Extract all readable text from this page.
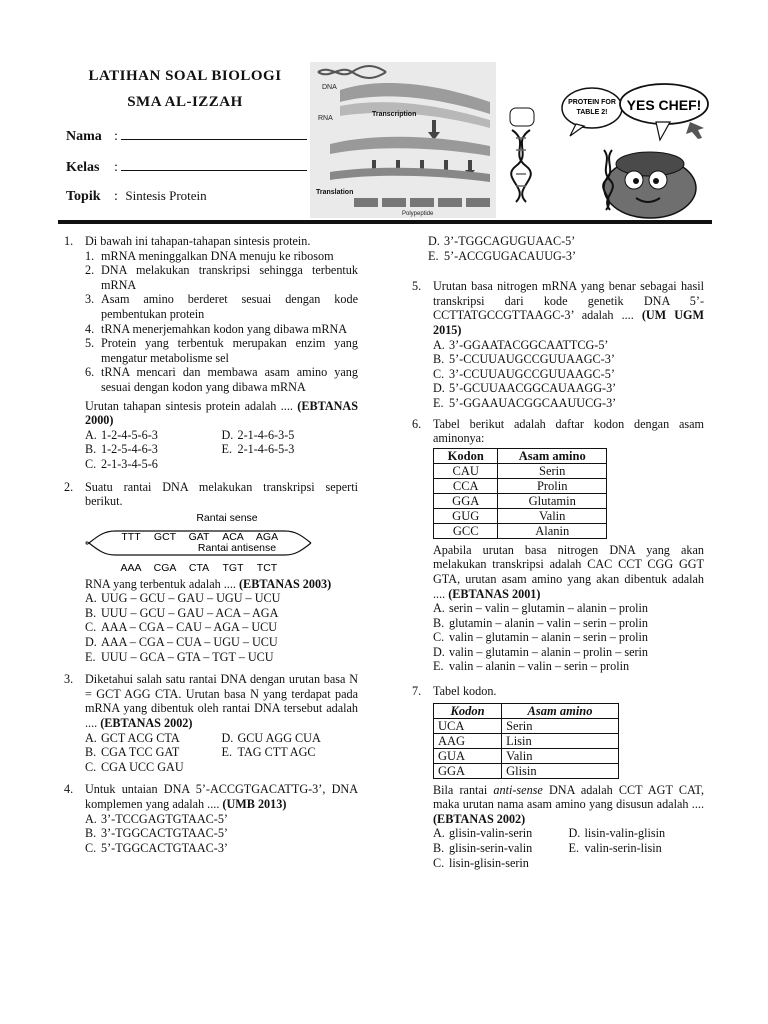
LATIHAN SOAL BIOLOGI
SMA AL-IZZAH
Nama :
Kelas :
Topik : Sintesis Protein
DNA
RNA
Transcription
Translation
Polypeptide
PROTEIN FOR
TABLE 2! YES CHEF!
1. Di bawah ini tahapan-tahapan sintesis protein.

1. mRNA meninggalkan DNA menuju ke ribosom
2. DNA melakukan transkripsi sehingga terbentuk mRNA
3. Asam amino berderet sesuai dengan kode pembentukan protein
4. tRNA menerjemahkan kodon yang dibawa mRNA
5. Protein yang terbentuk merupakan enzim yang mengatur metabolisme sel
6. tRNA mencari dan membawa asam amino yang sesuai dengan kodon yang dibawa mRNA

Urutan tahapan sintesis protein adalah .... (EBTANAS 2000)

A. 1-2-4-5-6-3	D. 2-1-4-6-3-5
B. 1-2-5-4-6-3	E. 2-1-4-6-5-3
C. 2-1-3-4-5-6
2. Suatu rantai DNA melakukan transkripsi seperti berikut.

Rantai sense
TTT GCT GAT ACA AGA
Rantai antisense
AAA CGA CTA TGT TCT

RNA yang terbentuk adalah .... (EBTANAS 2003)

A. UUG – GCU – GAU – UGU – UCU
B. UUU – GCU – GAU – ACA – AGA
C. AAA – CGA – CAU – AGA – UCU
D. AAA – CGA – CUA – UGU – UCU
E. UUU – GCA – GTA – TGT – UCU
3. Diketahui salah satu rantai DNA dengan urutan basa N = GCT AGG CTA. Urutan basa N yang terdapat pada mRNA yang dibentuk oleh rantai DNA tersebut adalah .... (EBTANAS 2002)

A. GCT ACG CTA	D. GCU AGG CUA
B. CGA TCC GAT	E. TAG CTT AGC
C. CGA UCC GAU
4. Untuk untaian DNA 5’-ACCGTGACATTG-3’, DNA komplemen yang adalah .... (UMB 2013)

A. 3’-TCCGAGTGTAAC-5’
B. 3’-TGGCACTGTAAC-5’
C. 5’-TGGCACTGTAAC-3’
D. 3’-TGGCAGUGUAAC-5’
E. 5’-ACCGUGACAUUG-3’
5. Urutan basa nitrogen mRNA yang benar sebagai hasil transkripsi dari kode genetik DNA 5’-CCTTATGCCGTTAAGC-3’ adalah .... (UM UGM 2015)

A. 3’-GGAATACGGCAATTCG-5’
B. 5’-CCUUAUGCCGUUAAGC-3’
C. 3’-CCUUAUGCCGUUAAGC-5’
D. 5’-GCUUAACGGCAUAAGG-3’
E. 5’-GGAAUACGGCAAUUCG-3’
6. Tabel berikut adalah daftar kodon dengan asam aminonya:

Kodon	Asam amino
CAU	Serin
CCA	Prolin
GGA	Glutamin
GUG	Valin
GCC	Alanin

Apabila urutan basa nitrogen DNA yang akan melakukan transkripsi adalah CAC CCT CGG GGT GTA, urutan asam amino yang akan dibentuk adalah .... (EBTANAS 2001)

A. serin – valin – glutamin – alanin – prolin
B. glutamin – alanin – valin – serin – prolin
C. valin – glutamin – alanin – serin – prolin
D. valin – glutamin – alanin – prolin – serin
E. valin – alanin – valin – serin – prolin
7. Tabel kodon.

Kodon	Asam amino
UCA	Serin
AAG	Lisin
GUA	Valin
GGA	Glisin

Bila rantai anti-sense DNA adalah CCT AGT CAT, maka urutan nama asam amino yang disusun adalah .... (EBTANAS 2002)

A. glisin-valin-serin	D. lisin-valin-glisin
B. glisin-serin-valin	E. valin-serin-lisin
C. lisin-glisin-serin
